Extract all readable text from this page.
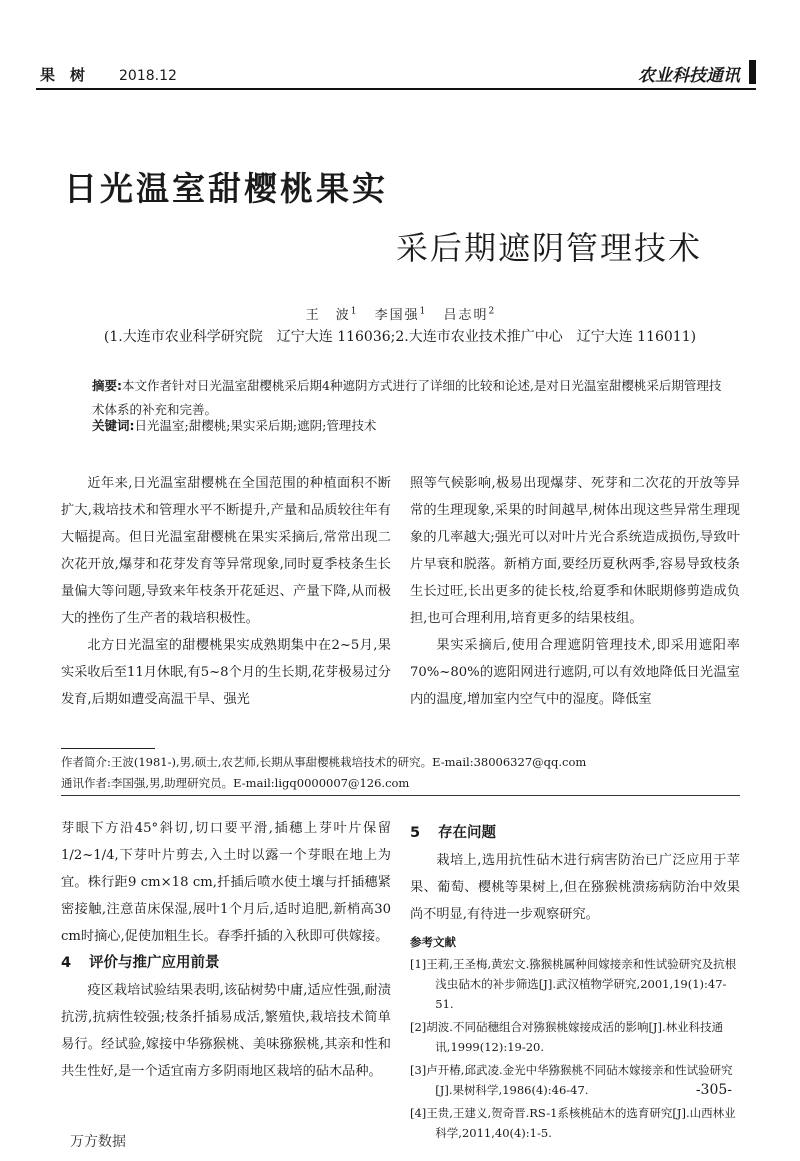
果　树 2018.12	农业科技通讯
日光温室甜樱桃果实
采后期遮阴管理技术
王　波$^1$ 李国强$^1$ 吕志明$^2$
(1.大连市农业科学研究院　辽宁大连 116036;2.大连市农业技术推广中心　辽宁大连 116011)

摘要:本文作者针对日光温室甜樱桃采后期4种遮阴方式进行了详细的比较和论述,是对日光温室甜樱桃采后期管理技术体系的补充和完善。

关键词:日光温室;甜樱桃;果实采后期;遮阴;管理技术

近年来,日光温室甜樱桃在全国范围的种植面积不断扩大,栽培技术和管理水平不断提升,产量和品质较往年有大幅提高。但日光温室甜樱桃在果实采摘后,常常出现二次花开放,爆芽和花芽发育等异常现象,同时夏季枝条生长量偏大等问题,导致来年枝条开花延迟、产量下降,从而极大的挫伤了生产者的栽培积极性。

北方日光温室的甜樱桃果实成熟期集中在2~5月,果实采收后至11月休眠,有5~8个月的生长期,花芽极易过分发育,后期如遭受高温干旱、强光

照等气候影响,极易出现爆芽、死芽和二次花的开放等异常的生理现象,采果的时间越早,树体出现这些异常生理现象的几率越大;强光可以对叶片光合系统造成损伤,导致叶片早衰和脱落。新梢方面,要经历夏秋两季,容易导致枝条生长过旺,长出更多的徒长枝,给夏季和休眠期修剪造成负担,也可合理利用,培育更多的结果枝组。

果实采摘后,使用合理遮阴管理技术,即采用遮阳率70%~80%的遮阳网进行遮阴,可以有效地降低日光温室内的温度,增加室内空气中的湿度。降低室

作者简介:王波(1981-),男,硕士,农艺师,长期从事甜樱桃栽培技术的研究。E-mail:38006327@qq.com
通讯作者:李国强,男,助理研究员。E-mail:ligq0000007@126.com

芽眼下方沿45°斜切,切口要平滑,插穗上芽叶片保留1/2~1/4,下芽叶片剪去,入土时以露一个芽眼在地上为宜。株行距9 cm×18 cm,扦插后喷水使土壤与扦插穗紧密接触,注意苗床保湿,展叶1个月后,适时追肥,新梢高30 cm时摘心,促使加粗生长。春季扦插的入秋即可供嫁接。

4 评价与推广应用前景

疫区栽培试验结果表明,该砧树势中庸,适应性强,耐渍抗涝,抗病性较强;枝条扦插易成活,繁殖快,栽培技术简单易行。经试验,嫁接中华猕猴桃、美味猕猴桃,其亲和性和共生性好,是一个适宜南方多阴雨地区栽培的砧木品种。

5 存在问题

栽培上,选用抗性砧木进行病害防治已广泛应用于苹果、葡萄、樱桃等果树上,但在猕猴桃溃疡病防治中效果尚不明显,有待进一步观察研究。

参考文献
[1]王莉,王圣梅,黄宏文.猕猴桃属种间嫁接亲和性试验研究及抗根浅虫砧木的补步筛选[J].武汉植物学研究,2001,19(1):47-51.
[2]胡波.不同砧穗组合对猕猴桃嫁接成活的影响[J].林业科技通讯,1999(12):19-20.
[3]卢开椿,邱武凌.金光中华猕猴桃不同砧木嫁接亲和性试验研究[J].果树科学,1986(4):46-47.
[4]王贵,王建义,贺奇晋.RS-1系核桃砧木的选育研究[J].山西林业科学,2011,40(4):1-5.
-305-
万方数据
